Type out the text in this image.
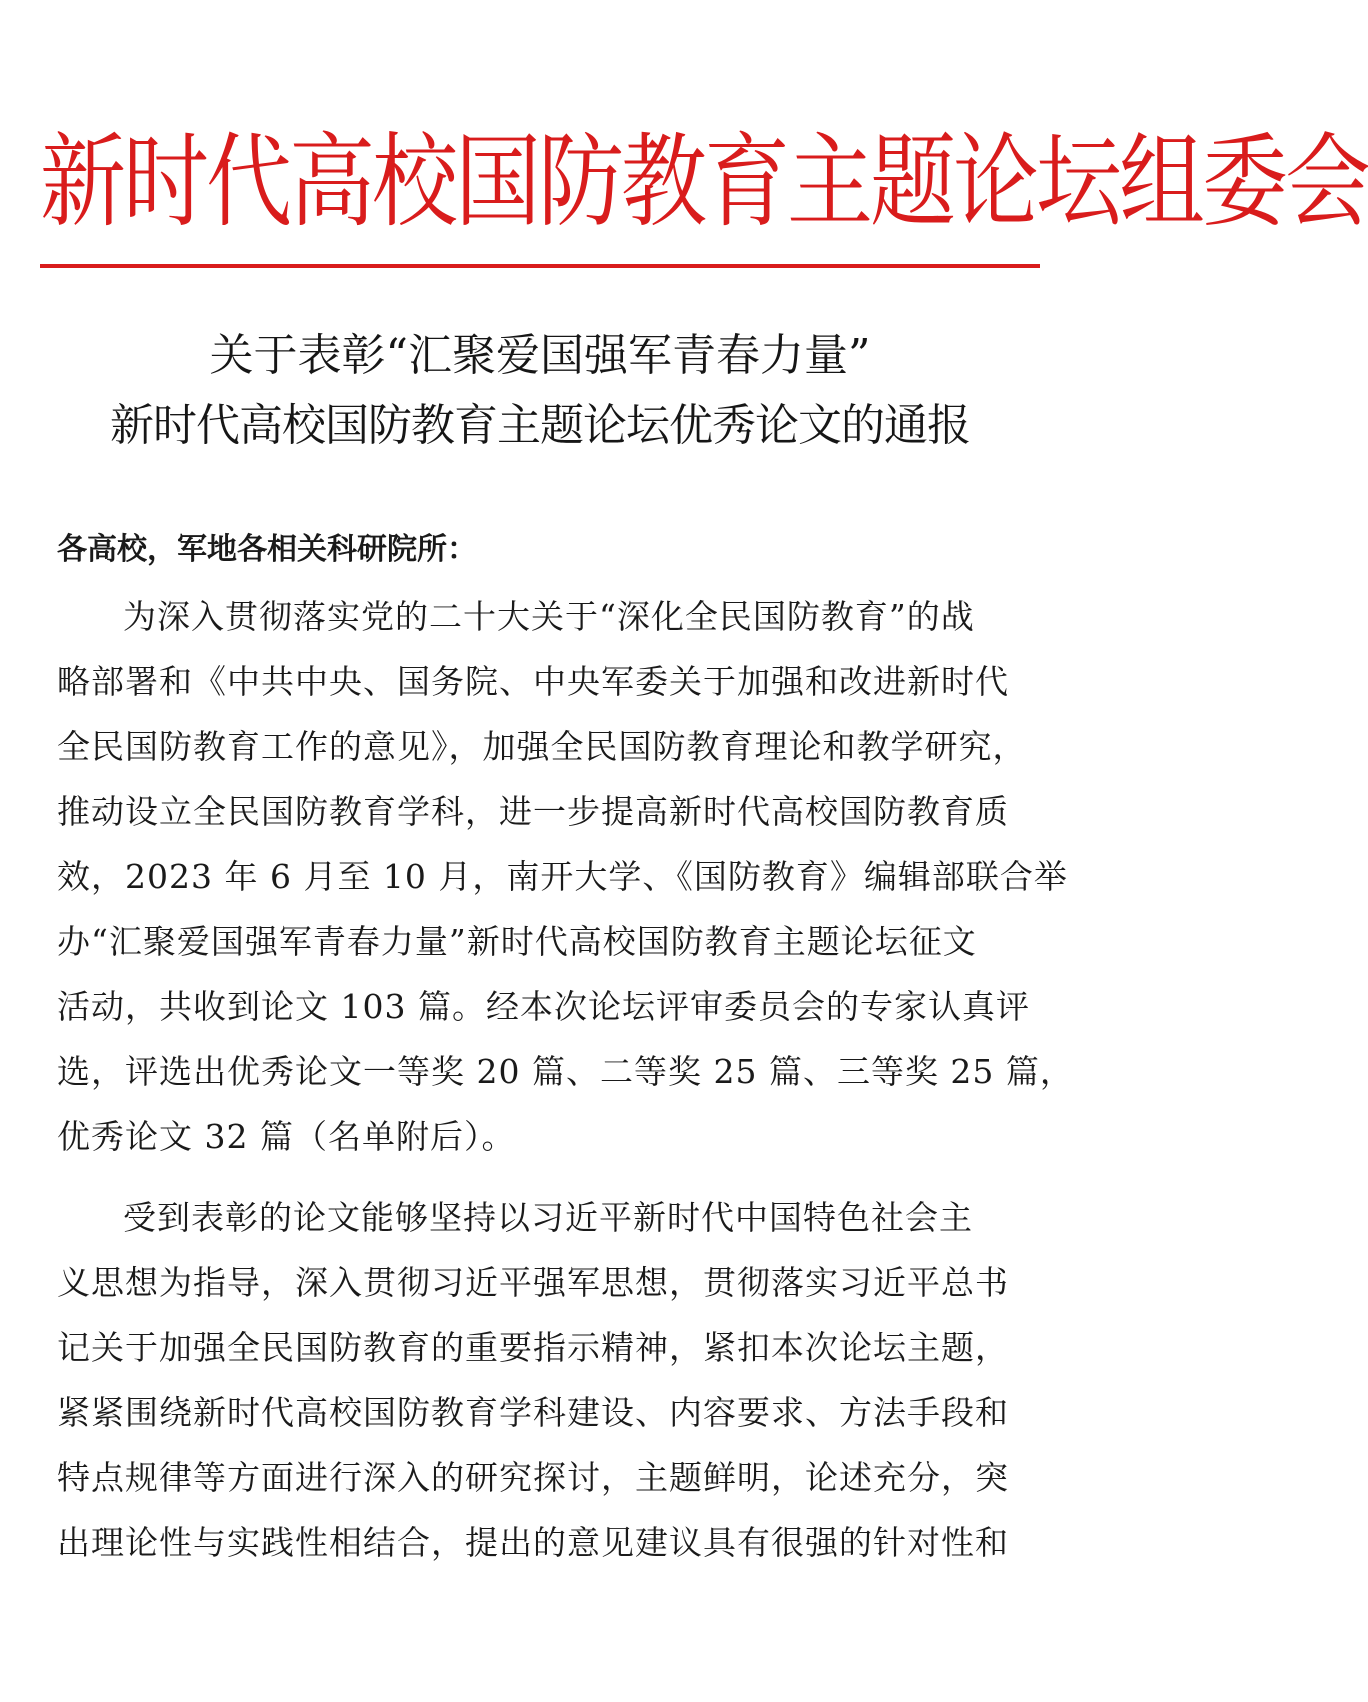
新时代高校国防教育主题论坛组委会
关于表彰“汇聚爱国强军青春力量”
新时代高校国防教育主题论坛优秀论文的通报
各高校，军地各相关科研院所：
为深入贯彻落实党的二十大关于“深化全民国防教育”的战
略部署和《中共中央、国务院、中央军委关于加强和改进新时代
全民国防教育工作的意见》，加强全民国防教育理论和教学研究，
推动设立全民国防教育学科，进一步提高新时代高校国防教育质
效，2023 年 6 月至 10 月，南开大学、《国防教育》编辑部联合举
办“汇聚爱国强军青春力量”新时代高校国防教育主题论坛征文
活动，共收到论文 103 篇。经本次论坛评审委员会的专家认真评
选，评选出优秀论文一等奖 20 篇、二等奖 25 篇、三等奖 25 篇，
优秀论文 32 篇（名单附后）。
受到表彰的论文能够坚持以习近平新时代中国特色社会主
义思想为指导，深入贯彻习近平强军思想，贯彻落实习近平总书
记关于加强全民国防教育的重要指示精神，紧扣本次论坛主题，
紧紧围绕新时代高校国防教育学科建设、内容要求、方法手段和
特点规律等方面进行深入的研究探讨，主题鲜明，论述充分，突
出理论性与实践性相结合，提出的意见建议具有很强的针对性和
